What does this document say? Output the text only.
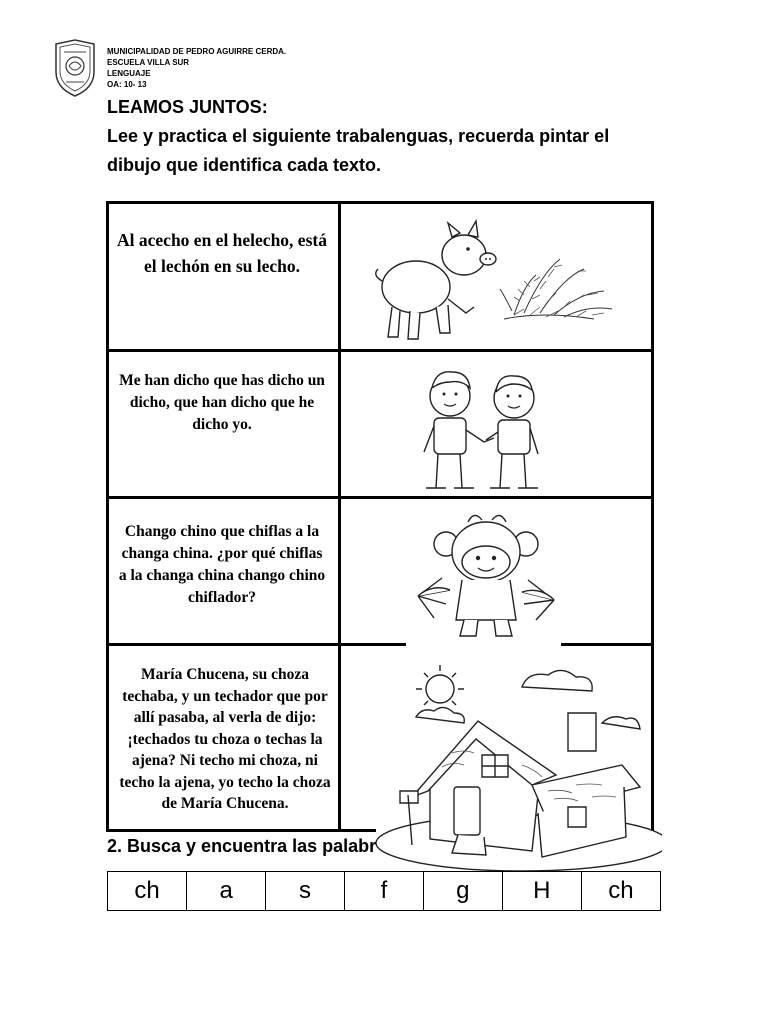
MUNICIPALIDAD DE PEDRO AGUIRRE CERDA.
ESCUELA VILLA SUR
LENGUAJE
OA: 10- 13
LEAMOS JUNTOS:
Lee y practica el siguiente trabalenguas, recuerda pintar el dibujo que identifica cada texto.
Al acecho en el helecho, está el lechón en su lecho.
Me han dicho que has dicho un dicho, que han dicho que he dicho yo.
Chango chino que chiflas a la changa china. ¿por qué chiflas a la changa china chango chino chiflador?
María Chucena, su choza techaba, y un techador que por allí pasaba, al verla de dijo: ¡techados tu choza o techas la ajena? Ni techo mi choza, ni techo la ajena, yo techo la choza de María Chucena.
2. Busca y encuentra las palabr
ch	a	s	f	g	H	ch
